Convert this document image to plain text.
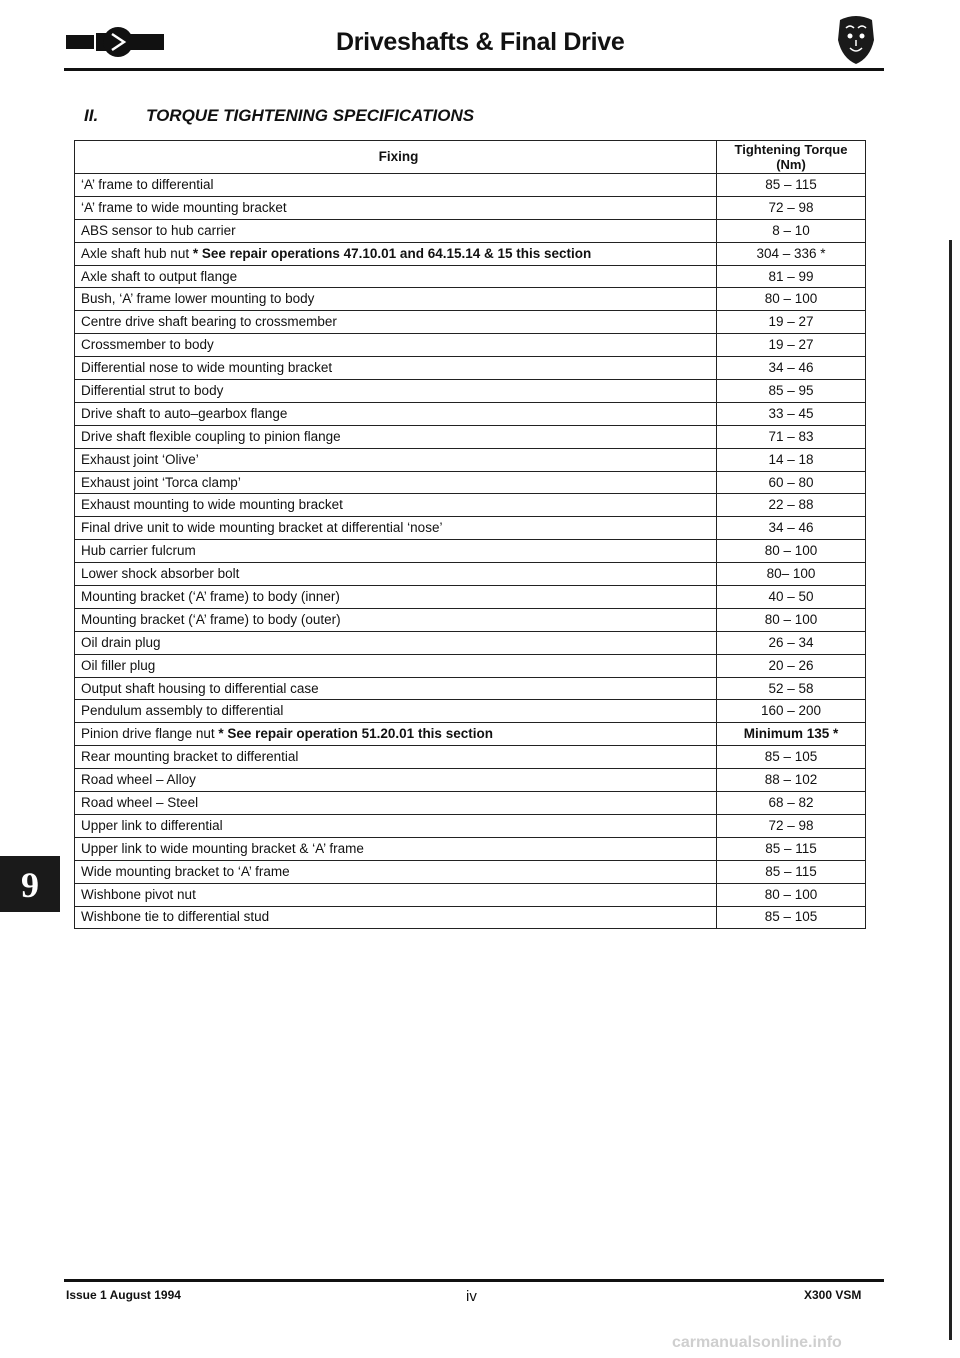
Driveshafts & Final Drive
II.	TORQUE TIGHTENING SPECIFICATIONS
Fixing	Tightening Torque
(Nm)
‘A’ frame to differential	85 – 115
‘A’ frame to wide mounting bracket	72 – 98
ABS sensor to hub carrier	8 – 10
Axle shaft hub nut * See repair operations 47.10.01 and 64.15.14 & 15 this section	304 – 336 *
Axle shaft to output flange	81 – 99
Bush, ‘A’ frame lower mounting to body	80 – 100
Centre drive shaft bearing to crossmember	19 – 27
Crossmember to body	19 – 27
Differential nose to wide mounting bracket	34 – 46
Differential strut to body	85 – 95
Drive shaft to auto–gearbox flange	33 – 45
Drive shaft flexible coupling to pinion flange	71 – 83
Exhaust joint ‘Olive’	14 – 18
Exhaust joint ‘Torca clamp’	60 – 80
Exhaust mounting to wide mounting bracket	22 – 88
Final drive unit to wide mounting bracket at differential ‘nose’	34 – 46
Hub carrier fulcrum	80 – 100
Lower shock absorber bolt	80– 100
Mounting bracket (‘A’ frame) to body (inner)	40 – 50
Mounting bracket (‘A’ frame) to body (outer)	80 – 100
Oil drain plug	26 – 34
Oil filler plug	20 – 26
Output shaft housing to differential case	52 – 58
Pendulum assembly to differential	160 – 200
Pinion drive flange nut * See repair operation 51.20.01 this section	Minimum 135 *
Rear mounting bracket to differential	85 – 105
Road wheel – Alloy	88 – 102
Road wheel – Steel	68 – 82
Upper link to differential	72 – 98
Upper link to wide mounting bracket & ‘A’ frame	85 – 115
Wide mounting bracket to ‘A’ frame	85 – 115
Wishbone pivot nut	80 – 100
Wishbone tie to differential stud	85 – 105
9
Issue 1 August 1994	iv	X300 VSM
carmanualsonline.info
